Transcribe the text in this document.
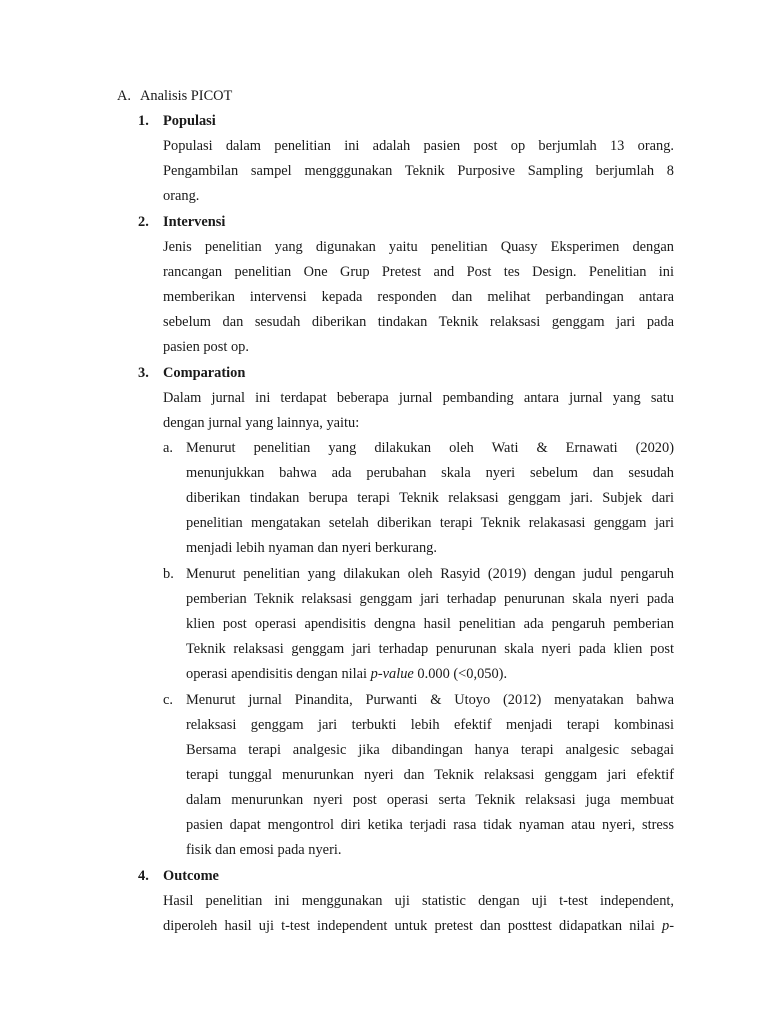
A. Analisis PICOT
1. Populasi
Populasi dalam penelitian ini adalah pasien post op berjumlah 13 orang.
Pengambilan sampel mengggunakan Teknik Purposive Sampling berjumlah 8
orang.
2. Intervensi
Jenis penelitian yang digunakan yaitu penelitian Quasy Eksperimen dengan
rancangan penelitian One Grup Pretest and Post tes Design. Penelitian ini
memberikan intervensi kepada responden dan melihat perbandingan antara
sebelum dan sesudah diberikan tindakan Teknik relaksasi genggam jari pada
pasien post op.
3. Comparation
Dalam jurnal ini terdapat beberapa jurnal pembanding antara jurnal yang satu
dengan jurnal yang lainnya, yaitu:
a. Menurut penelitian yang dilakukan oleh Wati & Ernawati (2020)
menunjukkan bahwa ada perubahan skala nyeri sebelum dan sesudah
diberikan tindakan berupa terapi Teknik relaksasi genggam jari. Subjek dari
penelitian mengatakan setelah diberikan terapi Teknik relakasasi genggam jari
menjadi lebih nyaman dan nyeri berkurang.
b. Menurut penelitian yang dilakukan oleh Rasyid (2019) dengan judul pengaruh
pemberian Teknik relaksasi genggam jari terhadap penurunan skala nyeri pada
klien post operasi apendisitis dengna hasil penelitian ada pengaruh pemberian
Teknik relaksasi genggam jari terhadap penurunan skala nyeri pada klien post
operasi apendisitis dengan nilai p-value 0.000 (<0,050).
c. Menurut jurnal Pinandita, Purwanti & Utoyo (2012) menyatakan bahwa
relaksasi genggam jari terbukti lebih efektif menjadi terapi kombinasi
Bersama terapi analgesic jika dibandingan hanya terapi analgesic sebagai
terapi tunggal menurunkan nyeri dan Teknik relaksasi genggam jari efektif
dalam menurunkan nyeri post operasi serta Teknik relaksasi juga membuat
pasien dapat mengontrol diri ketika terjadi rasa tidak nyaman atau nyeri, stress
fisik dan emosi pada nyeri.
4. Outcome
Hasil penelitian ini menggunakan uji statistic dengan uji t-test independent,
diperoleh hasil uji t-test independent untuk pretest dan posttest didapatkan nilai p-
